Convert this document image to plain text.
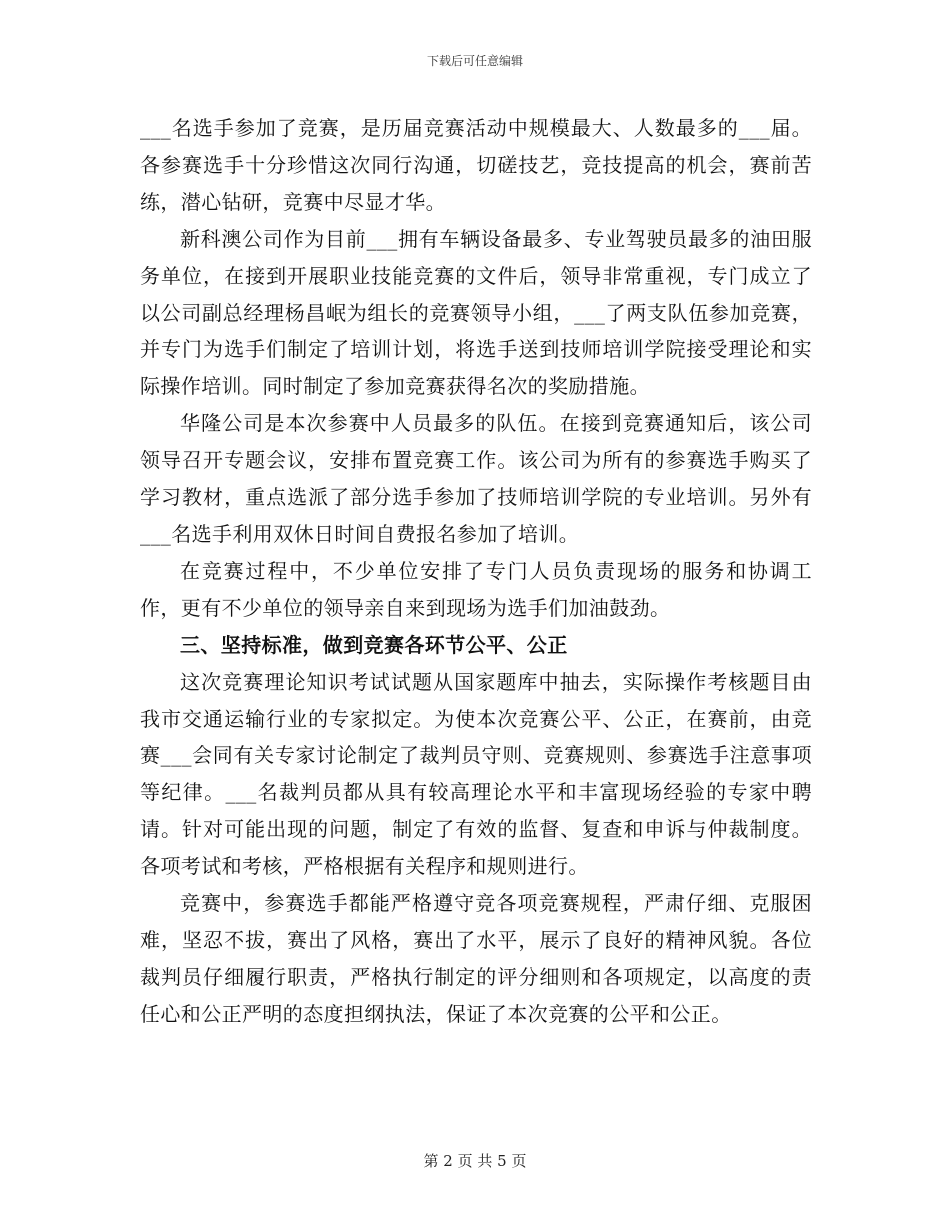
下载后可任意编辑

___名选手参加了竞赛，是历届竞赛活动中规模最大、人数最多的___届。各参赛选手十分珍惜这次同行沟通，切磋技艺，竞技提高的机会，赛前苦练，潜心钻研，竞赛中尽显才华。

新科澳公司作为目前___拥有车辆设备最多、专业驾驶员最多的油田服务单位，在接到开展职业技能竞赛的文件后，领导非常重视，专门成立了以公司副总经理杨昌岷为组长的竞赛领导小组，___了两支队伍参加竞赛，并专门为选手们制定了培训计划，将选手送到技师培训学院接受理论和实际操作培训。同时制定了参加竞赛获得名次的奖励措施。

华隆公司是本次参赛中人员最多的队伍。在接到竞赛通知后，该公司领导召开专题会议，安排布置竞赛工作。该公司为所有的参赛选手购买了学习教材，重点选派了部分选手参加了技师培训学院的专业培训。另外有___名选手利用双休日时间自费报名参加了培训。

在竞赛过程中，不少单位安排了专门人员负责现场的服务和协调工作，更有不少单位的领导亲自来到现场为选手们加油鼓劲。

三、坚持标准，做到竞赛各环节公平、公正

这次竞赛理论知识考试试题从国家题库中抽去，实际操作考核题目由我市交通运输行业的专家拟定。为使本次竞赛公平、公正，在赛前，由竞赛___会同有关专家讨论制定了裁判员守则、竞赛规则、参赛选手注意事项等纪律。___名裁判员都从具有较高理论水平和丰富现场经验的专家中聘请。针对可能出现的问题，制定了有效的监督、复查和申诉与仲裁制度。各项考试和考核，严格根据有关程序和规则进行。

竞赛中，参赛选手都能严格遵守竞各项竞赛规程，严肃仔细、克服困难，坚忍不拔，赛出了风格，赛出了水平，展示了良好的精神风貌。各位裁判员仔细履行职责，严格执行制定的评分细则和各项规定，以高度的责任心和公正严明的态度担纲执法，保证了本次竞赛的公平和公正。

第 2 页 共 5 页
